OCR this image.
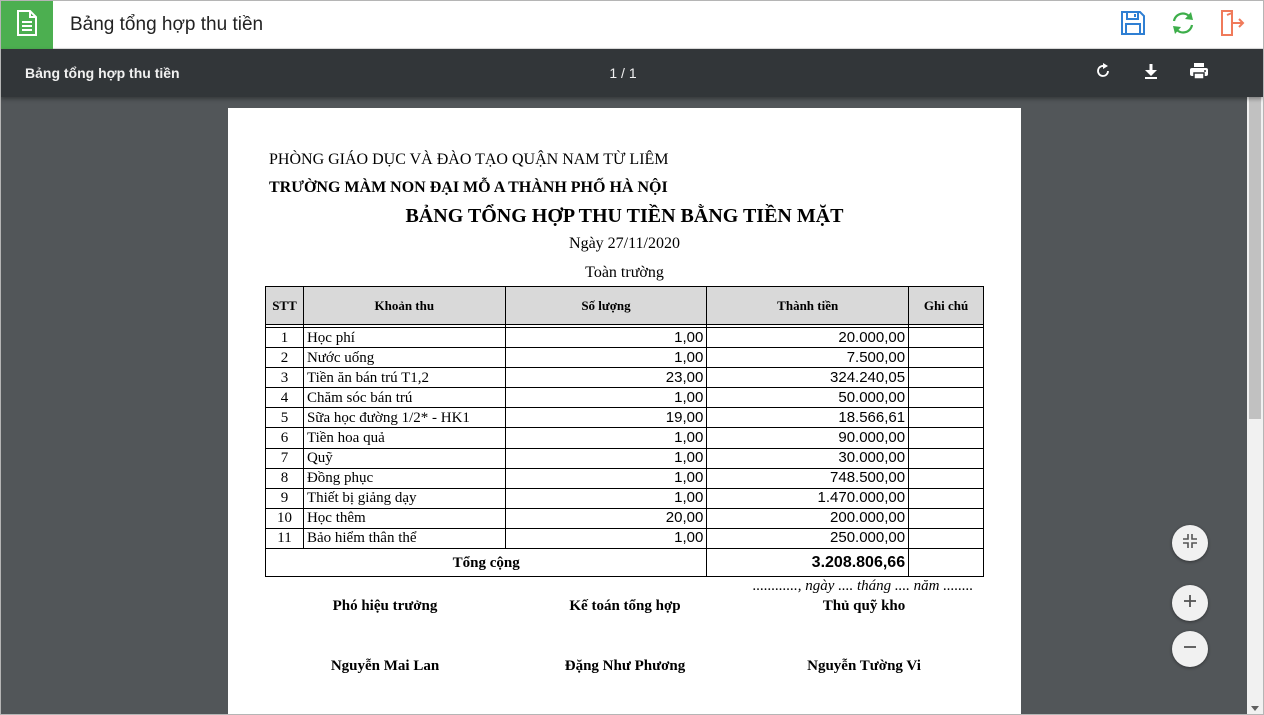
Bảng tổng hợp thu tiền
Bảng tổng hợp thu tiền	1 / 1
PHÒNG GIÁO DỤC VÀ ĐÀO TẠO QUẬN NAM TỪ LIÊM
TRƯỜNG MÀM NON ĐẠI MỖ A THÀNH PHỐ HÀ NỘI
BẢNG TỔNG HỢP THU TIỀN BẰNG TIỀN MẶT
Ngày 27/11/2020
Toàn trường
STT	Khoản thu	Số lượng	Thành tiền	Ghi chú

1	Học phí	1,00	20.000,00	
2	Nước uống	1,00	7.500,00	
3	Tiền ăn bán trú T1,2	23,00	324.240,05	
4	Chăm sóc bán trú	1,00	50.000,00	
5	Sữa học đường 1/2* - HK1	19,00	18.566,61	
6	Tiền hoa quả	1,00	90.000,00	
7	Quỹ	1,00	30.000,00	
8	Đồng phục	1,00	748.500,00	
9	Thiết bị giảng dạy	1,00	1.470.000,00	
10	Học thêm	20,00	200.000,00	
11	Bảo hiểm thân thể	1,00	250.000,00	
Tổng cộng			3.208.806,66	
............, ngày .... tháng .... năm ........
Phó hiệu trưởng	Kế toán tổng hợp	Thủ quỹ kho
Nguyễn Mai Lan	Đặng Như Phương	Nguyễn Tường Vi
